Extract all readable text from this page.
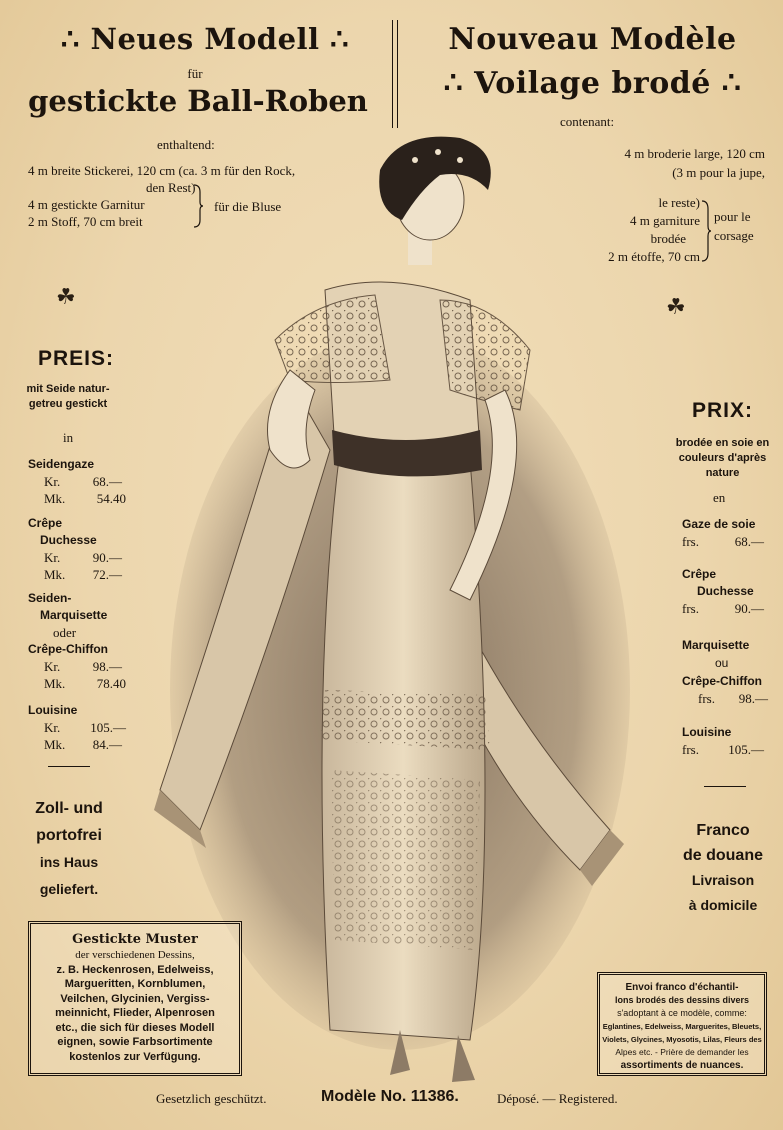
∴ Neues Modell ∴
für
gestickte Ball-Roben
Nouveau Modèle
∴ Voilage brodé ∴
enthaltend:
4 m breite Stickerei, 120 cm (ca. 3 m für den Rock,
den Rest)
4 m gestickte Garnitur
2 m Stoff, 70 cm breit
für die Bluse
contenant:
4 m broderie large, 120 cm
(3 m pour la jupe,
le reste)
4 m garniture
brodée
2 m étoffe, 70 cm
pour le
corsage
☘	☘
PREIS:
mit Seide natur-
getreu gestickt
in
Seidengaze
Kr.	68.—
Mk.	54.40
Crêpe
Duchesse
Kr.	90.—
Mk.	72.—
Seiden-
Marquisette
oder
Crêpe-Chiffon
Kr.	98.—
Mk.	78.40
Louisine
Kr.	105.—
Mk.	84.—
Zoll- und
portofrei
ins Haus
geliefert.
Gestickte Muster
der verschiedenen Dessins,
z. B. Heckenrosen, Edelweiss,
Margueritten, Kornblumen,
Veilchen, Glycinien, Vergiss-
meinnicht, Flieder, Alpenrosen
etc., die sich für dieses Modell
eignen, sowie Farbsortimente
kostenlos zur Verfügung.
PRIX:
brodée en soie en
couleurs d'après
nature
en
Gaze de soie
frs.	68.—
Crêpe
Duchesse
frs.	90.—
Marquisette
ou
Crêpe-Chiffon
frs.	98.—
Louisine
frs.	105.—
Franco
de douane
Livraison
à domicile
Envoi franco d'échantil-
lons brodés des dessins divers
s'adoptant à ce modèle, comme:
Eglantines, Edelweiss, Marguerites, Bleuets,
Violets, Glycines, Myosotis, Lilas, Fleurs des
Alpes etc. - Prière de demander les
assortiments de nuances.
Gesetzlich geschützt.	Modèle No. 11386.	Déposé. — Registered.
